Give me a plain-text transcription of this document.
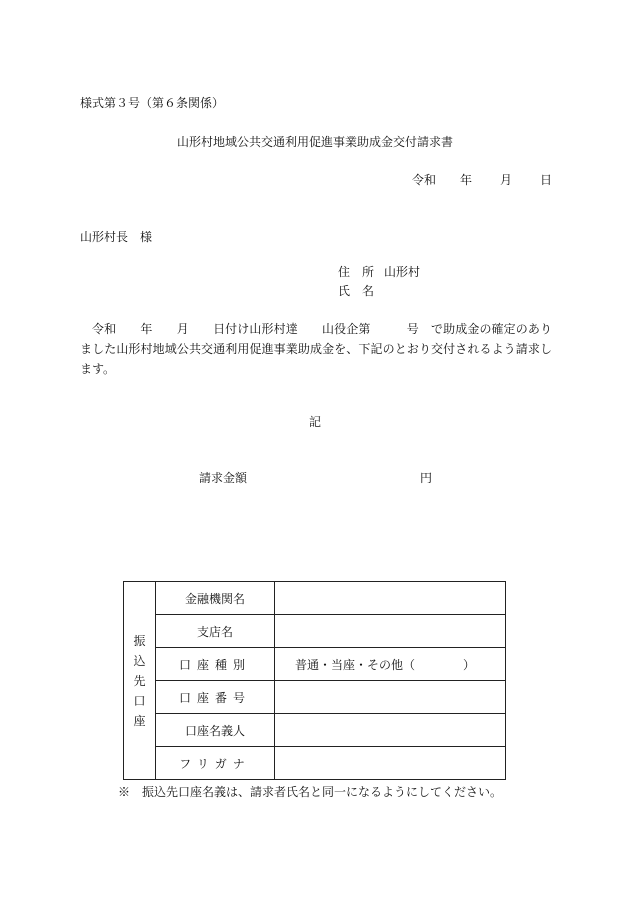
様式第３号（第６条関係）
山形村地域公共交通利用促進事業助成金交付請求書
令和 年 月 日
山形村長　様
住　所 山形村
氏　名
令和　　年　　月　　日付け山形村達　　山役企第　　　号　で助成金の確定のありました山形村地域公共交通利用促進事業助成金を、下記のとおり交付されるよう請求します。
記
請求金額	円
振
込
先
口
座	金融機関名	
	支店名	
	口座種別	普通・当座・その他（　　　　）
	口座番号	
	口座名義人	
	フリガナ	
※　振込先口座名義は、請求者氏名と同一になるようにしてください。
